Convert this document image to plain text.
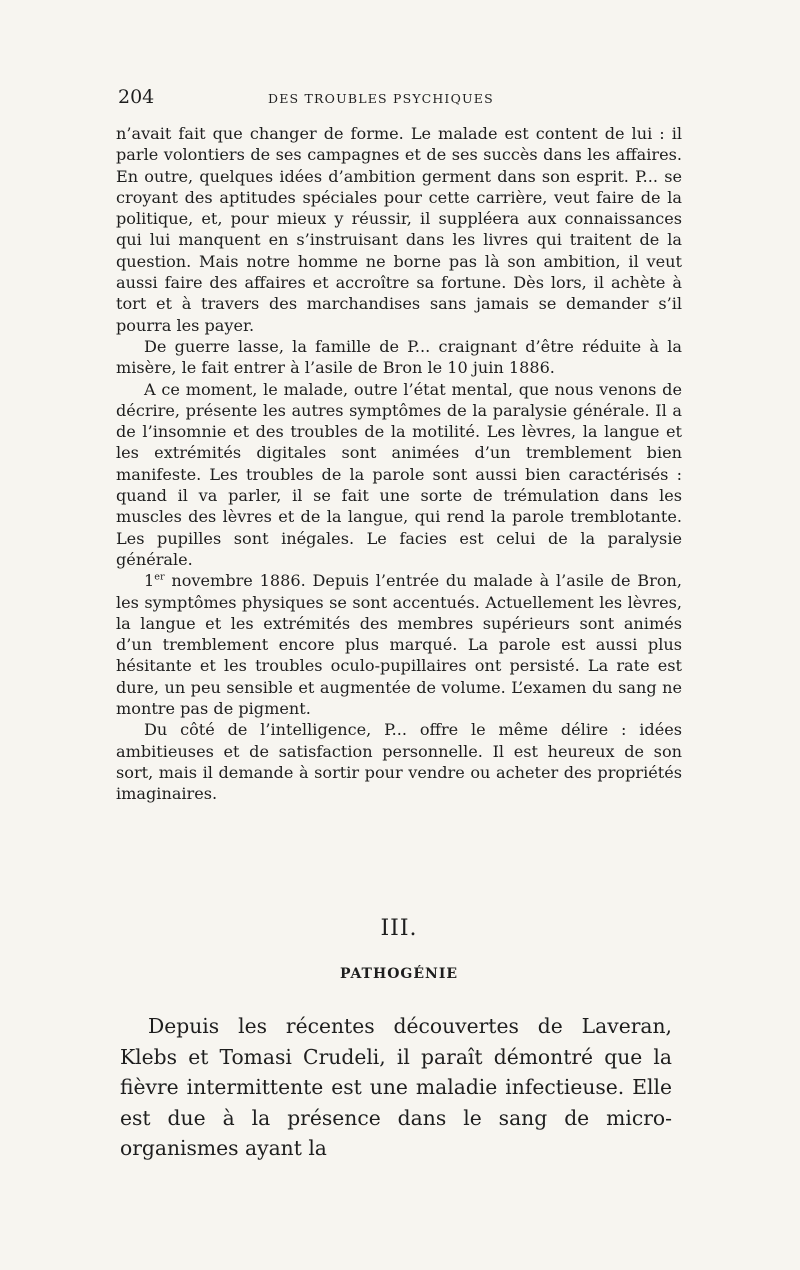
204	DES TROUBLES PSYCHIQUES

n’avait fait que changer de forme. Le malade est content de lui : il parle volontiers de ses campagnes et de ses succès dans les affaires. En outre, quelques idées d’ambition germent dans son esprit. P... se croyant des aptitudes spéciales pour cette carrière, veut faire de la politique, et, pour mieux y réussir, il suppléera aux connaissances qui lui manquent en s’instruisant dans les livres qui traitent de la question. Mais notre homme ne borne pas là son ambition, il veut aussi faire des affaires et accroître sa fortune. Dès lors, il achète à tort et à travers des marchandises sans jamais se demander s’il pourra les payer.

De guerre lasse, la famille de P... craignant d’être réduite à la misère, le fait entrer à l’asile de Bron le 10 juin 1886.

A ce moment, le malade, outre l’état mental, que nous venons de décrire, présente les autres symptômes de la paralysie générale. Il a de l’insomnie et des troubles de la motilité. Les lèvres, la langue et les extrémités digitales sont animées d’un tremblement bien manifeste. Les troubles de la parole sont aussi bien caractérisés : quand il va parler, il se fait une sorte de trémulation dans les muscles des lèvres et de la langue, qui rend la parole tremblotante. Les pupilles sont inégales. Le facies est celui de la paralysie générale.

1er novembre 1886. Depuis l’entrée du malade à l’asile de Bron, les symptômes physiques se sont accentués. Actuellement les lèvres, la langue et les extrémités des membres supérieurs sont animés d’un tremblement encore plus marqué. La parole est aussi plus hésitante et les troubles oculo-pupillaires ont persisté. La rate est dure, un peu sensible et augmentée de volume. L’examen du sang ne montre pas de pigment.

Du côté de l’intelligence, P... offre le même délire : idées ambitieuses et de satisfaction personnelle. Il est heureux de son sort, mais il demande à sortir pour vendre ou acheter des propriétés imaginaires.

III.
PATHOGÉNIE

Depuis les récentes découvertes de Laveran, Klebs et Tomasi Crudeli, il paraît démontré que la fièvre intermittente est une maladie infectieuse. Elle est due à la présence dans le sang de micro-organismes ayant la
